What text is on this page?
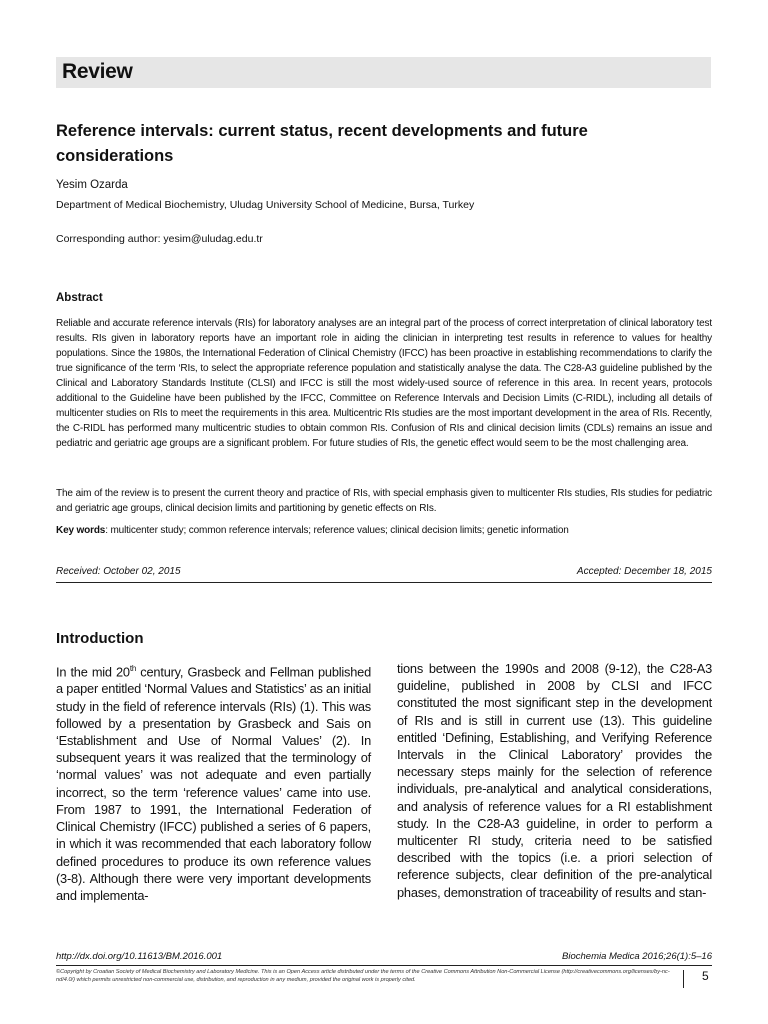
Review
Reference intervals: current status, recent developments and future considerations
Yesim Ozarda
Department of Medical Biochemistry, Uludag University School of Medicine, Bursa, Turkey
Corresponding author: yesim@uludag.edu.tr
Abstract

Reliable and accurate reference intervals (RIs) for laboratory analyses are an integral part of the process of correct interpretation of clinical laboratory test results. RIs given in laboratory reports have an important role in aiding the clinician in interpreting test results in reference to values for healthy populations. Since the 1980s, the International Federation of Clinical Chemistry (IFCC) has been proactive in establishing recommendations to clarify the true significance of the term ‘RIs, to select the appropriate reference population and statistically analyse the data. The C28-A3 guideline published by the Clinical and Laboratory Standards Institute (CLSI) and IFCC is still the most widely-used source of reference in this area. In recent years, protocols additional to the Guideline have been published by the IFCC, Committee on Reference Intervals and Decision Limits (C-RIDL), including all details of multicenter studies on RIs to meet the requirements in this area. Multicentric RIs studies are the most important development in the area of RIs. Recently, the C-RIDL has performed many multicentric studies to obtain common RIs. Confusion of RIs and clinical decision limits (CDLs) remains an issue and pediatric and geriatric age groups are a significant problem. For future studies of RIs, the genetic effect would seem to be the most challenging area.

The aim of the review is to present the current theory and practice of RIs, with special emphasis given to multicenter RIs studies, RIs studies for pediatric and geriatric age groups, clinical decision limits and partitioning by genetic effects on RIs.

Key words: multicenter study; common reference intervals; reference values; clinical decision limits; genetic information
Received: October 02, 2015	Accepted: December 18, 2015
Introduction

In the mid 20th century, Grasbeck and Fellman published a paper entitled ‘Normal Values and Statistics’ as an initial study in the field of reference intervals (RIs) (1). This was followed by a presentation by Grasbeck and Sais on ‘Establishment and Use of Normal Values’ (2). In subsequent years it was realized that the terminology of ‘normal values’ was not adequate and even partially incorrect, so the term ‘reference values’ came into use. From 1987 to 1991, the International Federation of Clinical Chemistry (IFCC) published a series of 6 papers, in which it was recommended that each laboratory follow defined procedures to produce its own reference values (3-8). Although there were very important developments and implementa-

tions between the 1990s and 2008 (9-12), the C28-A3 guideline, published in 2008 by CLSI and IFCC constituted the most significant step in the development of RIs and is still in current use (13). This guideline entitled ‘Defining, Establishing, and Verifying Reference Intervals in the Clinical Laboratory’ provides the necessary steps mainly for the selection of reference individuals, pre-analytical and analytical considerations, and analysis of reference values for a RI establishment study. In the C28-A3 guideline, in order to perform a multicenter RI study, criteria need to be satisfied described with the topics (i.e. a priori selection of reference subjects, clear definition of the pre-analytical phases, demonstration of traceability of results and stan-

http://dx.doi.org/10.11613/BM.2016.001	Biochemia Medica 2016;26(1):5–16

©Copyright by Croatian Society of Medical Biochemistry and Laboratory Medicine. This is an Open Access article distributed under the terms of the Creative Commons Attribution Non-Commercial License (http://creativecommons.org/licenses/by-nc-nd/4.0/) which permits unrestricted non-commercial use, distribution, and reproduction in any medium, provided the original work is properly cited.	5
